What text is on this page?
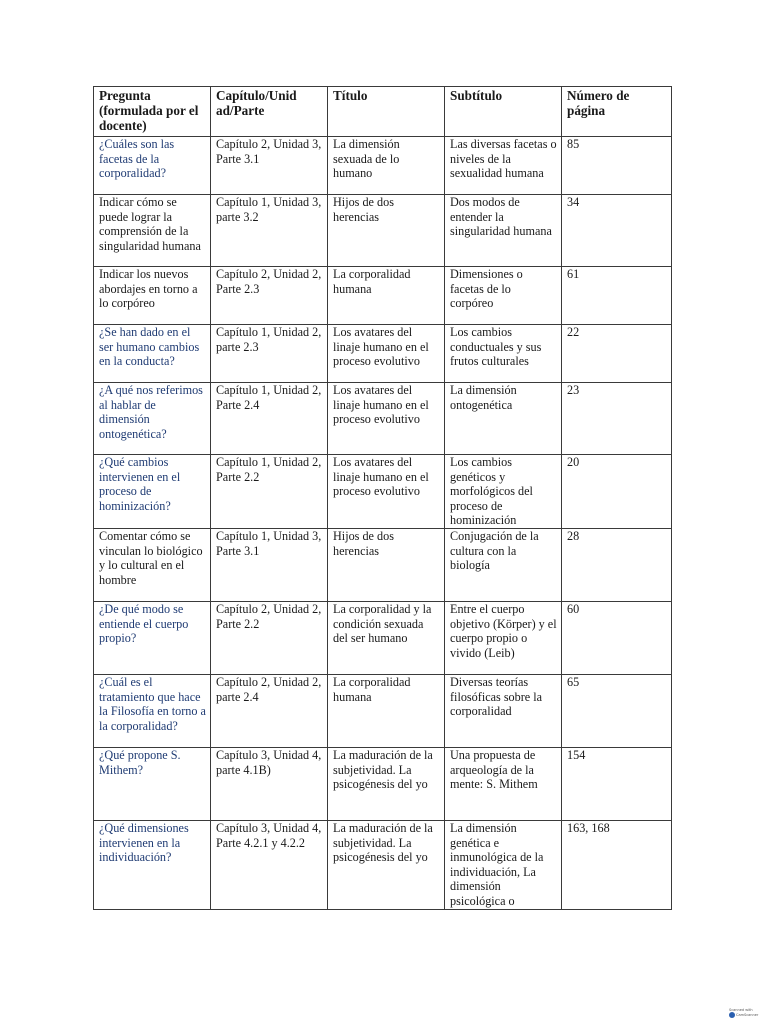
Pregunta (formulada por el docente)	Capítulo/Unid ad/Parte	Título	Subtítulo	Número de página
¿Cuáles son las facetas de la corporalidad?	Capítulo 2, Unidad 3, Parte 3.1	La dimensión sexuada de lo humano	Las diversas facetas o niveles de la sexualidad humana	85
Indicar cómo se puede lograr la comprensión de la singularidad humana	Capítulo 1, Unidad 3, parte 3.2	Hijos de dos herencias	Dos modos de entender la singularidad humana	34
Indicar los nuevos abordajes en torno a lo corpóreo	Capítulo 2, Unidad 2, Parte 2.3	La corporalidad humana	Dimensiones o facetas de lo corpóreo	61
¿Se han dado en el ser humano cambios en la conducta?	Capítulo 1, Unidad 2, parte 2.3	Los avatares del linaje humano en el proceso evolutivo	Los cambios conductuales y sus frutos culturales	22
¿A qué nos referimos al hablar de dimensión ontogenética?	Capítulo 1, Unidad 2, Parte 2.4	Los avatares del linaje humano en el proceso evolutivo	La dimensión ontogenética	23
¿Qué cambios intervienen en el proceso de hominización?	Capítulo 1, Unidad 2, Parte 2.2	Los avatares del linaje humano en el proceso evolutivo	Los cambios genéticos y morfológicos del proceso de hominización	20
Comentar cómo se vinculan lo biológico y lo cultural en el hombre	Capítulo 1, Unidad 3, Parte 3.1	Hijos de dos herencias	Conjugación de la cultura con la biología	28
¿De qué modo se entiende el cuerpo propio?	Capítulo 2, Unidad 2, Parte 2.2	La corporalidad y la condición sexuada del ser humano	Entre el cuerpo objetivo (Körper) y el cuerpo propio o vivido (Leib)	60
¿Cuál es el tratamiento que hace la Filosofía en torno a la corporalidad?	Capítulo 2, Unidad 2, parte 2.4	La corporalidad humana	Diversas teorías filosóficas sobre la corporalidad	65
¿Qué propone S. Mithem?	Capítulo 3, Unidad 4, parte 4.1B)	La maduración de la subjetividad. La psicogénesis del yo	Una propuesta de arqueología de la mente: S. Mithem	154
¿Qué dimensiones intervienen en la individuación?	Capítulo 3, Unidad 4, Parte 4.2.1 y 4.2.2	La maduración de la subjetividad. La psicogénesis del yo	La dimensión genética e inmunológica de la individuación, La dimensión psicológica o	163, 168
Scanned with
CamScanner
